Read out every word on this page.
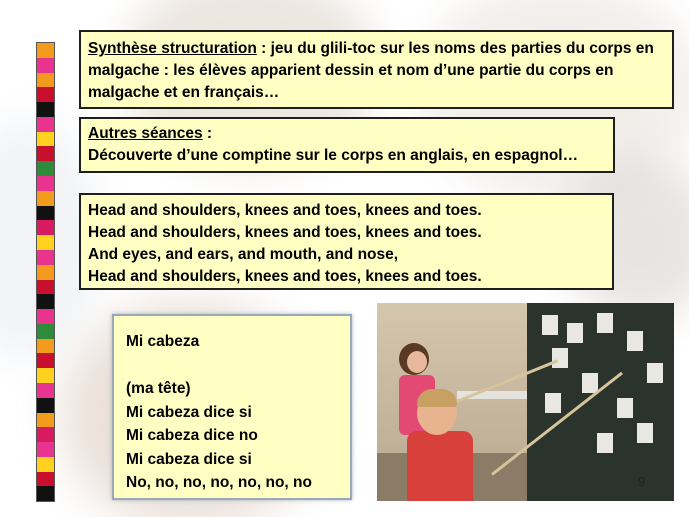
Synthèse structuration : jeu du glili-toc sur les noms des parties du corps en malgache : les élèves apparient dessin et nom d’une partie du corps en malgache et en français…
Autres séances :
Découverte d’une comptine sur le corps en anglais, en espagnol…
Head and shoulders, knees and toes, knees and toes.
Head and shoulders, knees and toes, knees and toes.
And eyes, and ears, and mouth, and nose,
Head and shoulders, knees and toes, knees and toes.
Mi cabeza
(ma tête)
Mi cabeza dice si
Mi cabeza dice no
Mi cabeza dice si
No, no, no, no, no, no, no	9
